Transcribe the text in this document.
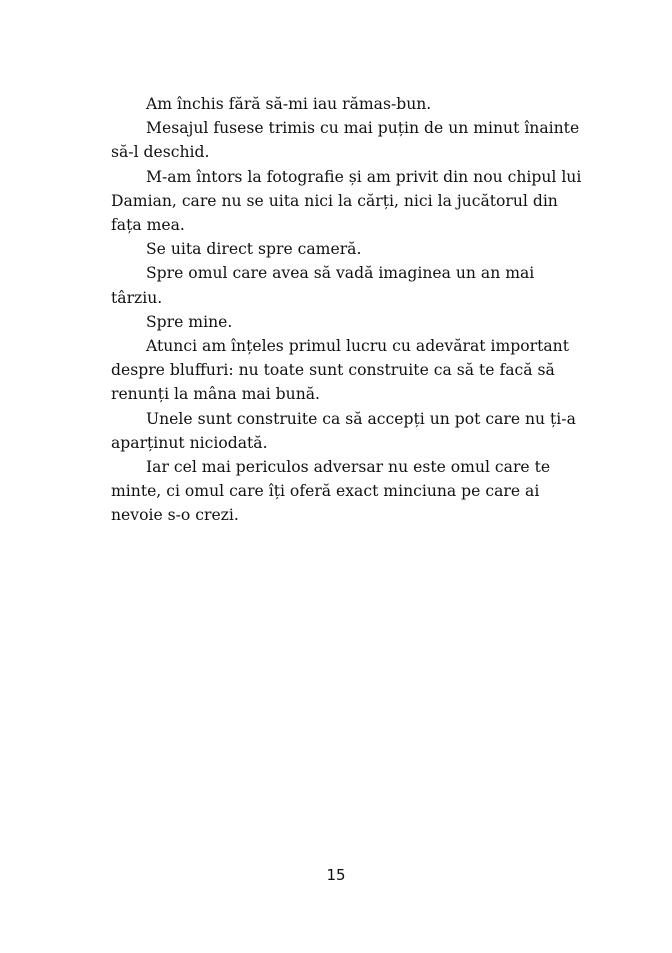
Am închis fără să-mi iau rămas-bun.

Mesajul fusese trimis cu mai puțin de un minut înainte să-l deschid.

M-am întors la fotografie și am privit din nou chipul lui Damian, care nu se uita nici la cărți, nici la jucătorul din fața mea.

Se uita direct spre cameră.

Spre omul care avea să vadă imaginea un an mai târziu.

Spre mine.

Atunci am înțeles primul lucru cu adevărat important despre bluffuri: nu toate sunt construite ca să te facă să renunți la mâna mai bună.

Unele sunt construite ca să accepți un pot care nu ți-a aparținut niciodată.

Iar cel mai periculos adversar nu este omul care te minte, ci omul care îți oferă exact minciuna pe care ai nevoie s-o crezi.

15
